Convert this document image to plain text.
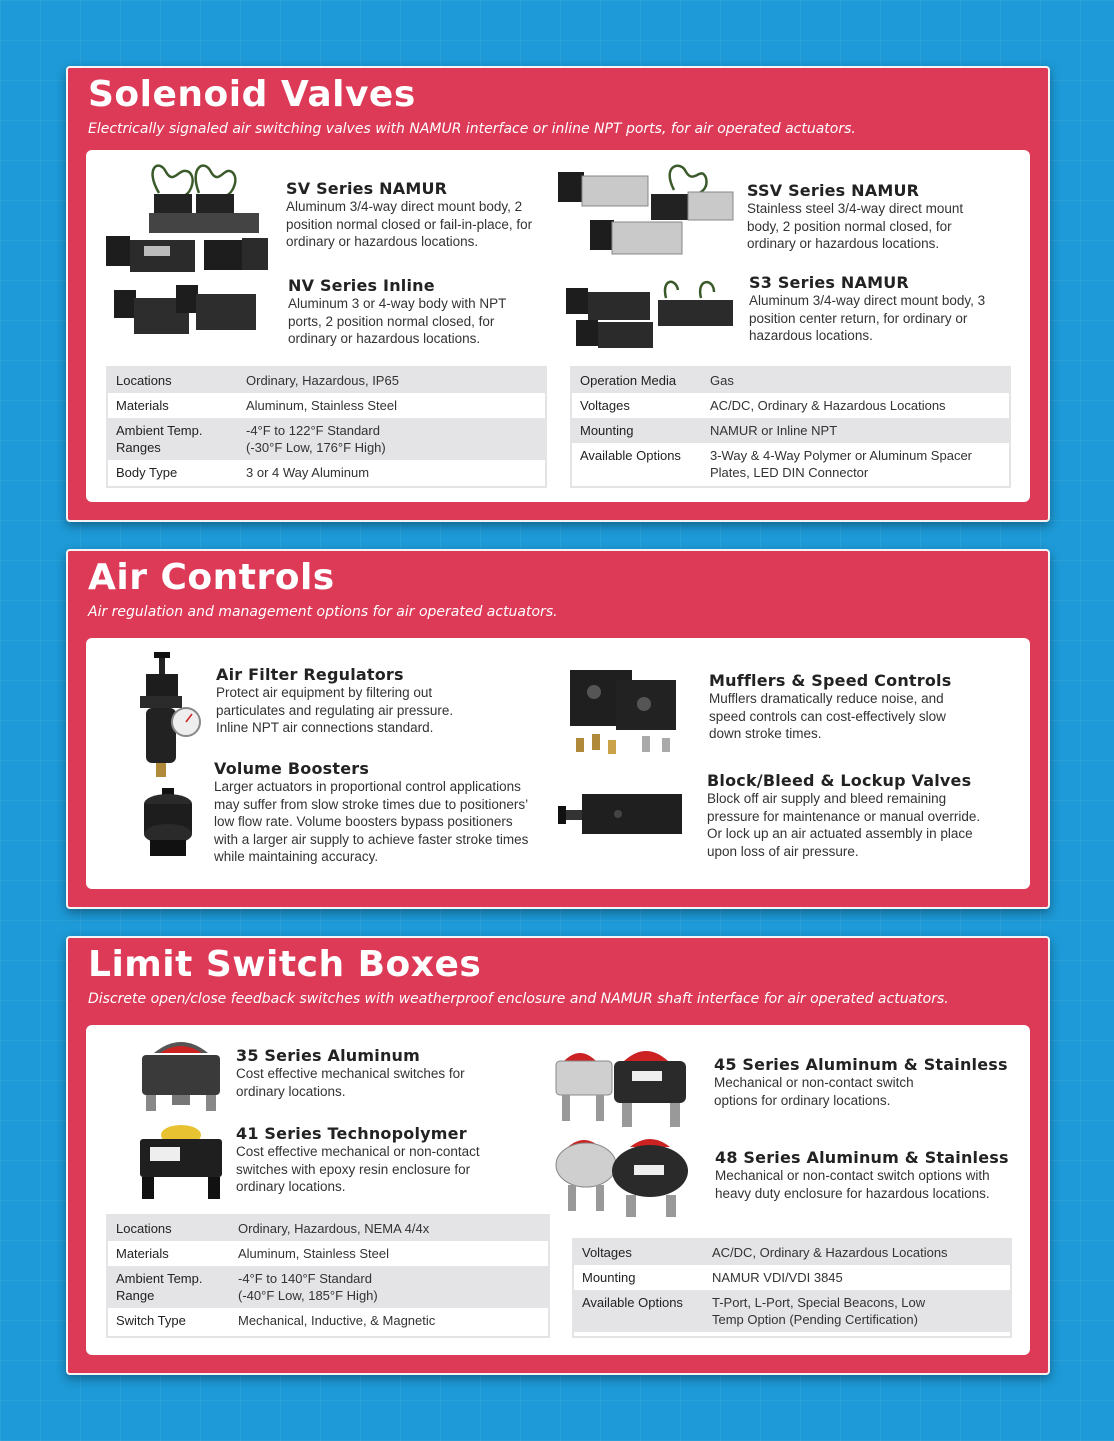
Solenoid Valves

Electrically signaled air switching valves with NAMUR interface or inline NPT ports, for air operated actuators.

SV Series NAMUR
Aluminum 3/4-way direct mount body, 2 position normal closed or fail-in-place, for ordinary or hazardous locations.
NV Series Inline
Aluminum 3 or 4-way body with NPT ports, 2 position normal closed, for ordinary or hazardous locations.
SSV Series NAMUR
Stainless steel 3/4-way direct mount body, 2 position normal closed, for ordinary or hazardous locations.
S3 Series NAMUR
Aluminum 3/4-way direct mount body, 3 position center return, for ordinary or hazardous locations.
Locations	Ordinary, Hazardous, IP65
Materials	Aluminum, Stainless Steel
Ambient Temp. Ranges	-4°F to 122°F Standard (-30°F Low, 176°F High)
Body Type	3 or 4 Way Aluminum
Operation Media	Gas
Voltages	AC/DC, Ordinary & Hazardous Locations
Mounting	NAMUR or Inline NPT
Available Options	3-Way & 4-Way Polymer or Aluminum Spacer Plates, LED DIN Connector
Air Controls

Air regulation and management options for air operated actuators.

Air Filter Regulators
Protect air equipment by filtering out particulates and regulating air pressure. Inline NPT air connections standard.
Volume Boosters
Larger actuators in proportional control applications may suffer from slow stroke times due to positioners’ low flow rate. Volume boosters bypass positioners with a larger air supply to achieve faster stroke times while maintaining accuracy.
Mufflers & Speed Controls
Mufflers dramatically reduce noise, and speed controls can cost-effectively slow down stroke times.
Block/Bleed & Lockup Valves
Block off air supply and bleed remaining pressure for maintenance or manual override. Or lock up an air actuated assembly in place upon loss of air pressure.
Limit Switch Boxes

Discrete open/close feedback switches with weatherproof enclosure and NAMUR shaft interface for air operated actuators.

35 Series Aluminum
Cost effective mechanical switches for ordinary locations.
41 Series Technopolymer
Cost effective mechanical or non-contact switches with epoxy resin enclosure for ordinary locations.
45 Series Aluminum & Stainless
Mechanical or non-contact switch options for ordinary locations.
48 Series Aluminum & Stainless
Mechanical or non-contact switch options with heavy duty enclosure for hazardous locations.
Locations	Ordinary, Hazardous, NEMA 4/4x
Materials	Aluminum, Stainless Steel
Ambient Temp. Range	-4°F to 140°F Standard (-40°F Low, 185°F High)
Switch Type	Mechanical, Inductive, & Magnetic
Voltages	AC/DC, Ordinary & Hazardous Locations
Mounting	NAMUR VDI/VDI 3845
Available Options	T-Port, L-Port, Special Beacons, Low Temp Option (Pending Certification)
